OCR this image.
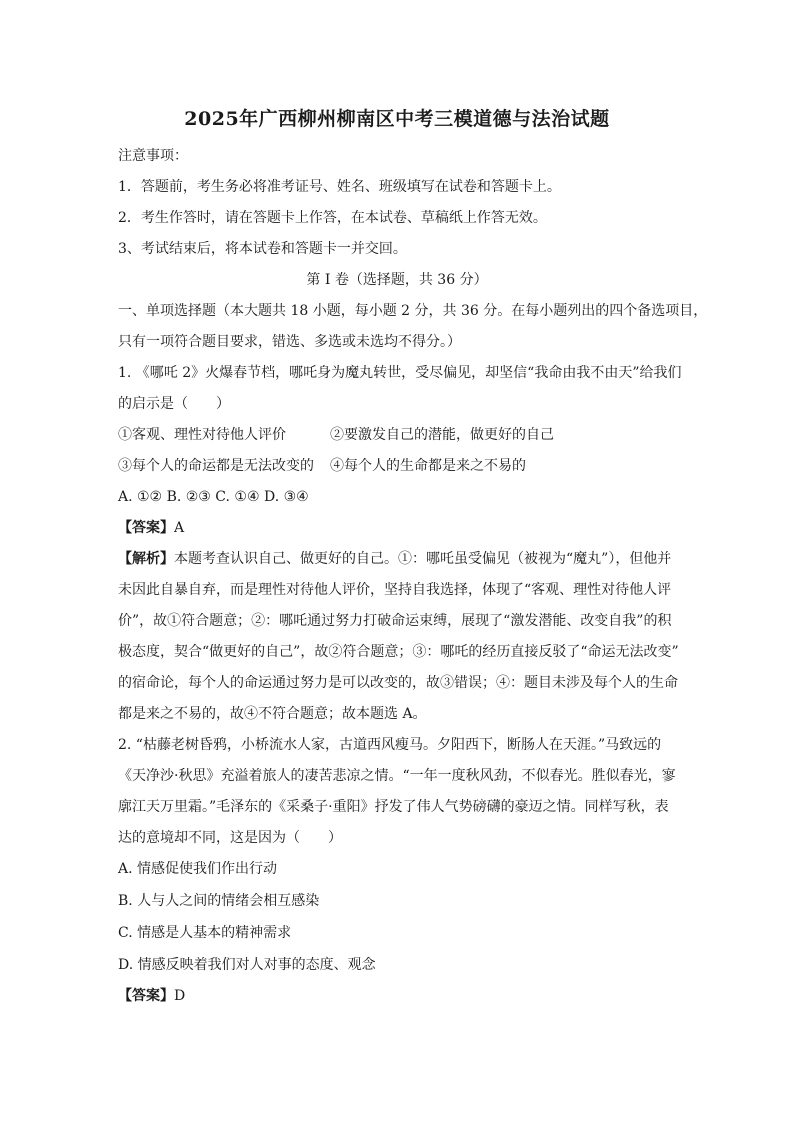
2025年广西柳州柳南区中考三模道德与法治试题
注意事项：
1．答题前，考生务必将准考证号、姓名、班级填写在试卷和答题卡上。
2．考生作答时，请在答题卡上作答，在本试卷、草稿纸上作答无效。
3、考试结束后，将本试卷和答题卡一并交回。
第 I 卷（选择题，共 36 分）
一、单项选择题（本大题共 18 小题，每小题 2 分，共 36 分。在每小题列出的四个备选项目，
只有一项符合题目要求，错选、多选或未选均不得分。）
1. 《哪吒 2》火爆春节档，哪吒身为魔丸转世，受尽偏见，却坚信“我命由我不由天”给我们
的启示是（　　）
①客观、理性对待他人评价	②要激发自己的潜能，做更好的自己
③每个人的命运都是无法改变的 ④每个人的生命都是来之不易的
A. ①② B. ②③ C. ①④ D. ③④
【答案】A
【解析】本题考查认识自己、做更好的自己。①：哪吒虽受偏见（被视为“魔丸”），但他并
未因此自暴自弃，而是理性对待他人评价，坚持自我选择，体现了“客观、理性对待他人评
价”，故①符合题意；②：哪吒通过努力打破命运束缚，展现了“激发潜能、改变自我”的积
极态度，契合“做更好的自己”，故②符合题意；③：哪吒的经历直接反驳了“命运无法改变”
的宿命论，每个人的命运通过努力是可以改变的，故③错误；④：题目未涉及每个人的生命
都是来之不易的，故④不符合题意；故本题选 A。
2. “枯藤老树昏鸦，小桥流水人家，古道西风瘦马。夕阳西下，断肠人在天涯。”马致远的
《天净沙·秋思》充溢着旅人的凄苦悲凉之情。“一年一度秋风劲，不似春光。胜似春光，寥
廓江天万里霜。”毛泽东的《采桑子·重阳》抒发了伟人气势磅礴的豪迈之情。同样写秋，表
达的意境却不同，这是因为（　　）
A. 情感促使我们作出行动
B. 人与人之间的情绪会相互感染
C. 情感是人基本的精神需求
D. 情感反映着我们对人对事的态度、观念
【答案】D
